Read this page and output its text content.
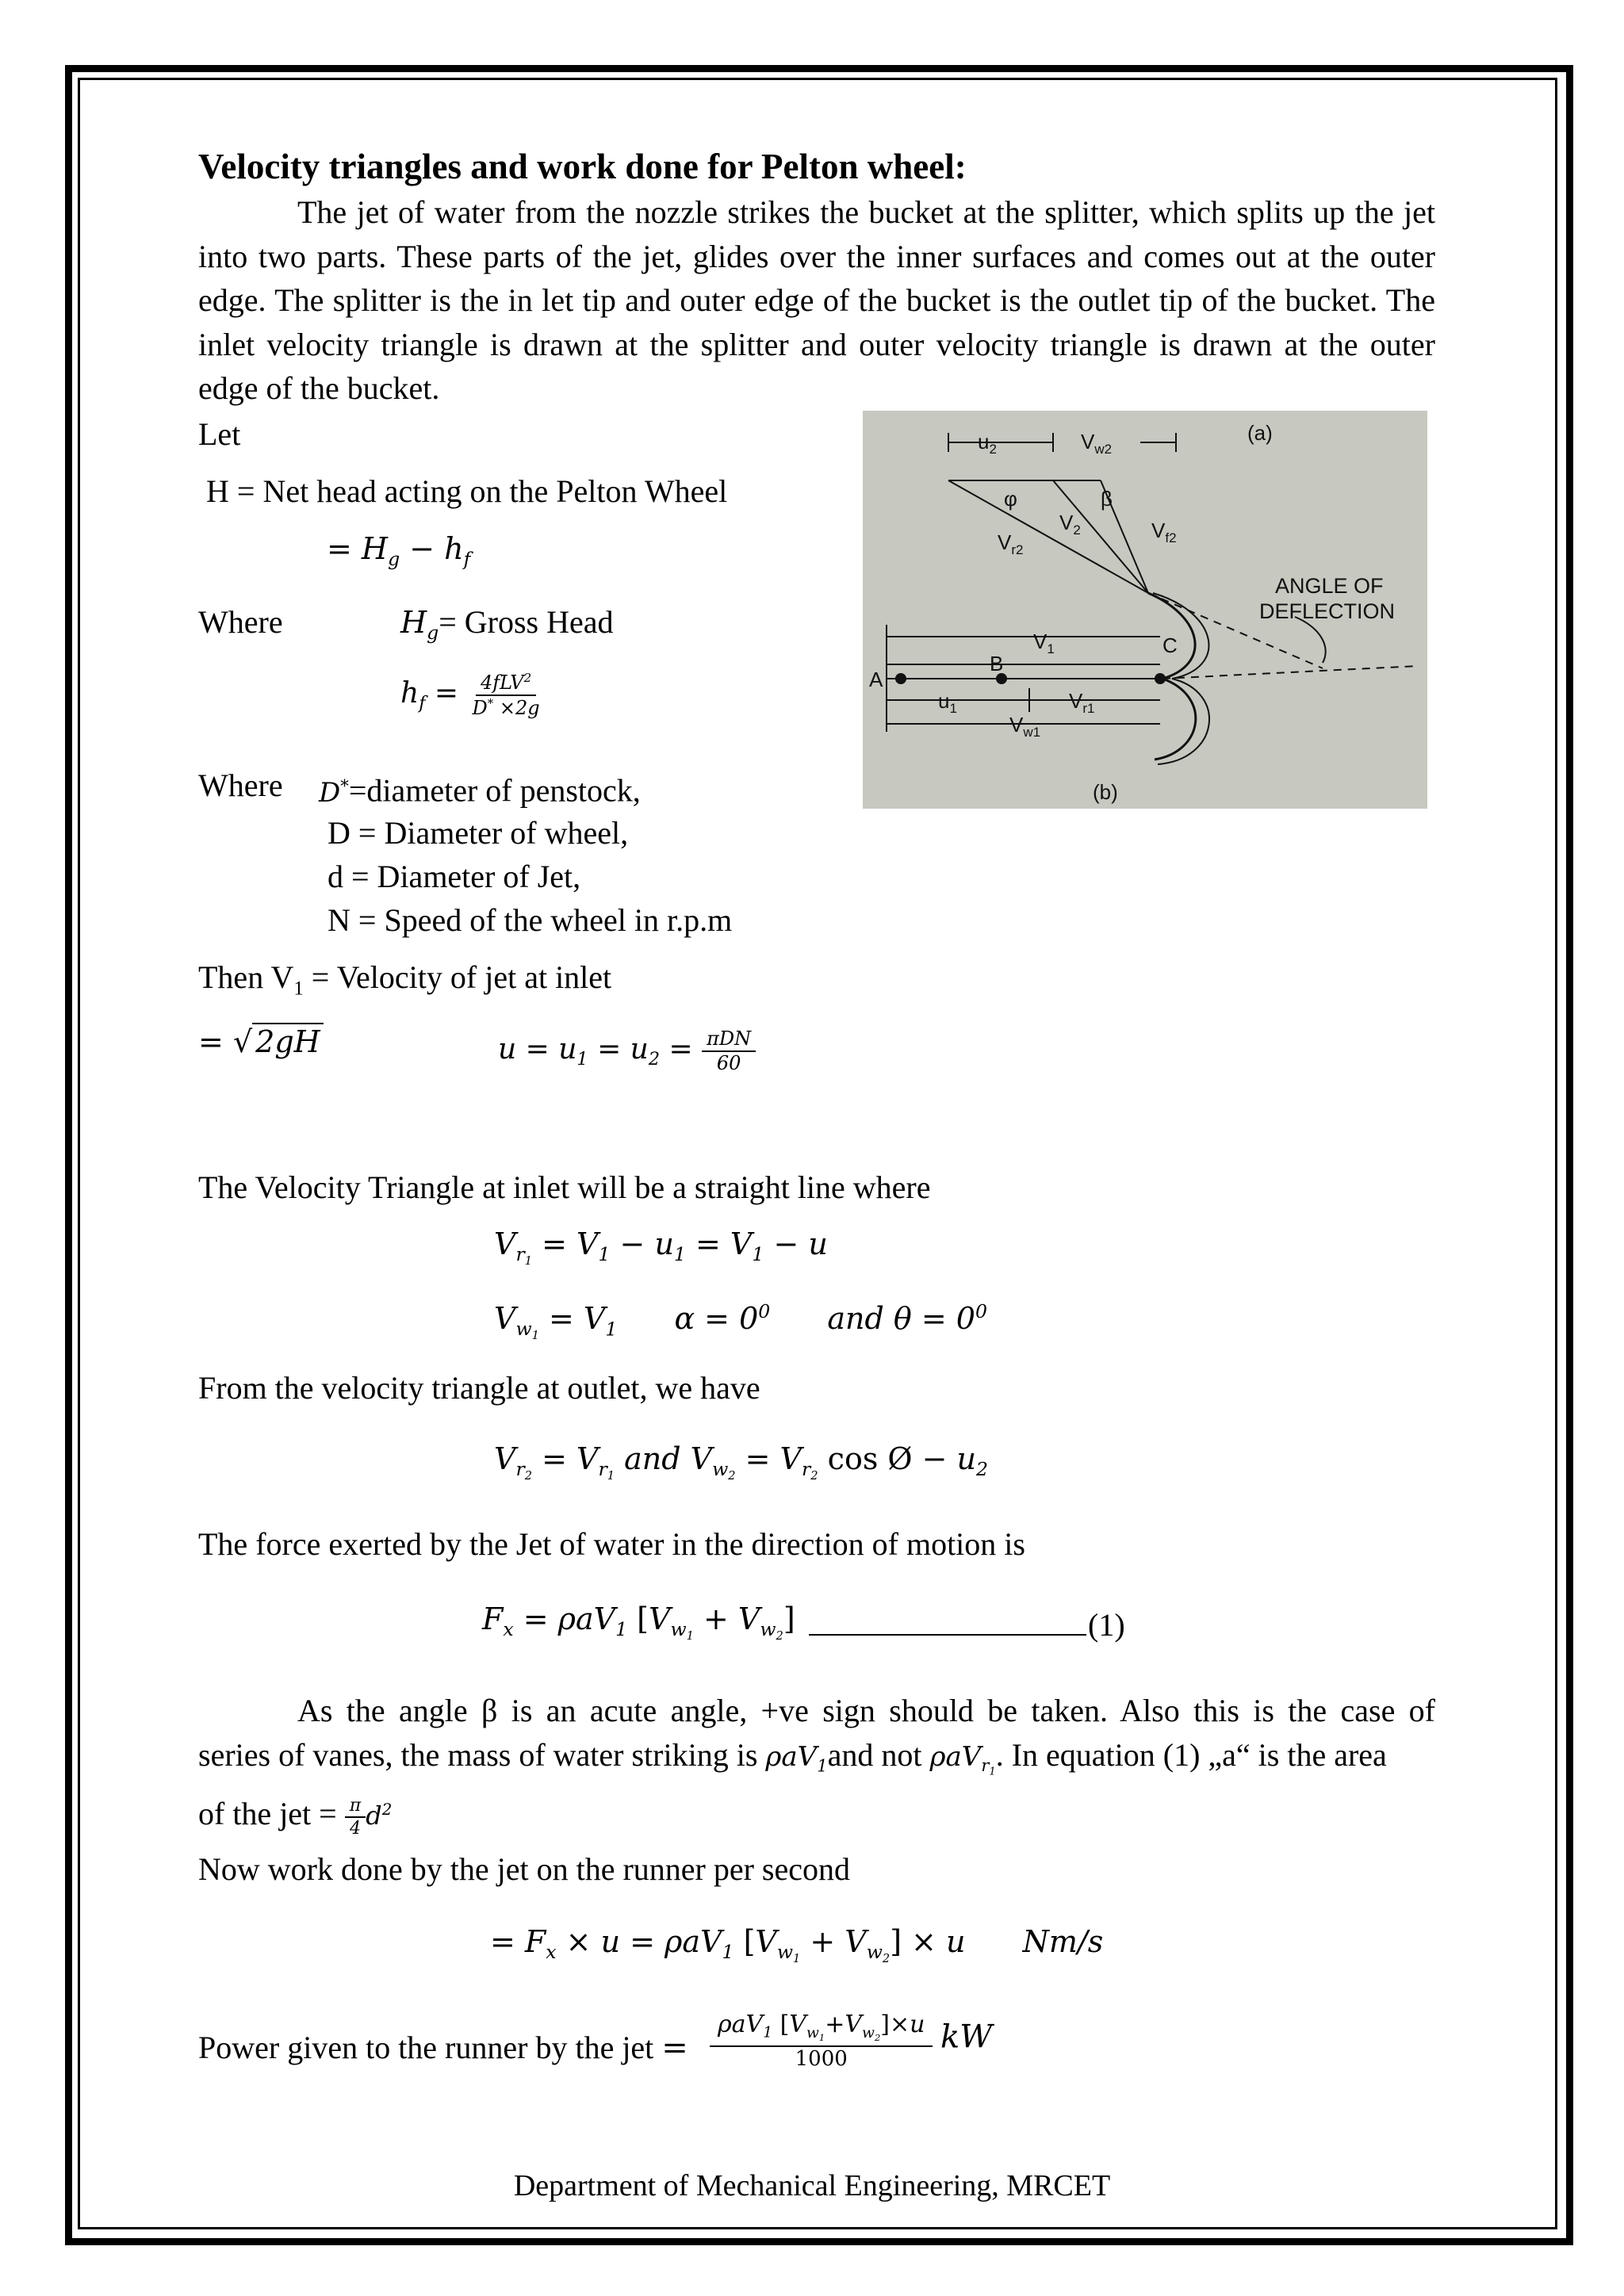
Velocity triangles and work done for Pelton wheel:
The jet of water from the nozzle strikes the bucket at the splitter, which splits up the jet into two parts. These parts of the jet, glides over the inner surfaces and comes out at the outer edge. The splitter is the in let tip and outer edge of the bucket is the outlet tip of the bucket. The inlet velocity triangle is drawn at the splitter and outer velocity triangle is drawn at the outer edge of the bucket.
Let
H = Net head acting on the Pelton Wheel
= $H_g - h_f$
Where	$H_g=$ Gross Head
$h_f = \frac{4fLV^2}{D^* \times 2g}$
Where D*=diameter of penstock,
D = Diameter of wheel,
d = Diameter of Jet,
N = Speed of the wheel in r.p.m
Then $V_1$ = Velocity of jet at inlet
= √ 2gH	$u = u_1 = u_2 = \frac{\text{πDN}}{60}$
The Velocity Triangle at inlet will be a straight line where
$V_{r_1} = V_1 - u_1 = V_1 - u$
$V_{w_1} = V_1$ $\alpha = 0^0$ and $\theta = 0^0$
From the velocity triangle at outlet, we have
$V_{r_2} = V_{r_1}$ and $V_{w_2} = V_{r_2}$ cos Ø − $u_2$
The force exerted by the Jet of water in the direction of motion is
$F_x = \rho aV_1$ $[V_{w_1} + V_{w_2}]$	(1)
As the angle β is an acute angle, +ve sign should be taken. Also this is the case of
series of vanes, the mass of water striking is ρaV$_1$and not ρaV$_{r_1}$. In equation (1) „a“ is the area
of the jet = $\frac{\pi}{4} d^2$
Now work done by the jet on the runner per second
= $F_x \times u = \rho aV_1$ $[V_{w_1} + V_{w_2}] \times u$ Nm/s
Power given to the runner by the jet = $\frac{\rho aV_1 [V_{w_1}+V_{w_2}]\times u}{1000}$ kW
$u_2$	$V_{w2}$
φ	β
$V_2$
$V_{r2}$
$V_{f2}$
$V_1$
$u_1$	$V_{r1}$
$V_{w1}$
A
B
C
(a)
(b)
ANGLE OF
DEFLECTION
Department of Mechanical Engineering, MRCET
